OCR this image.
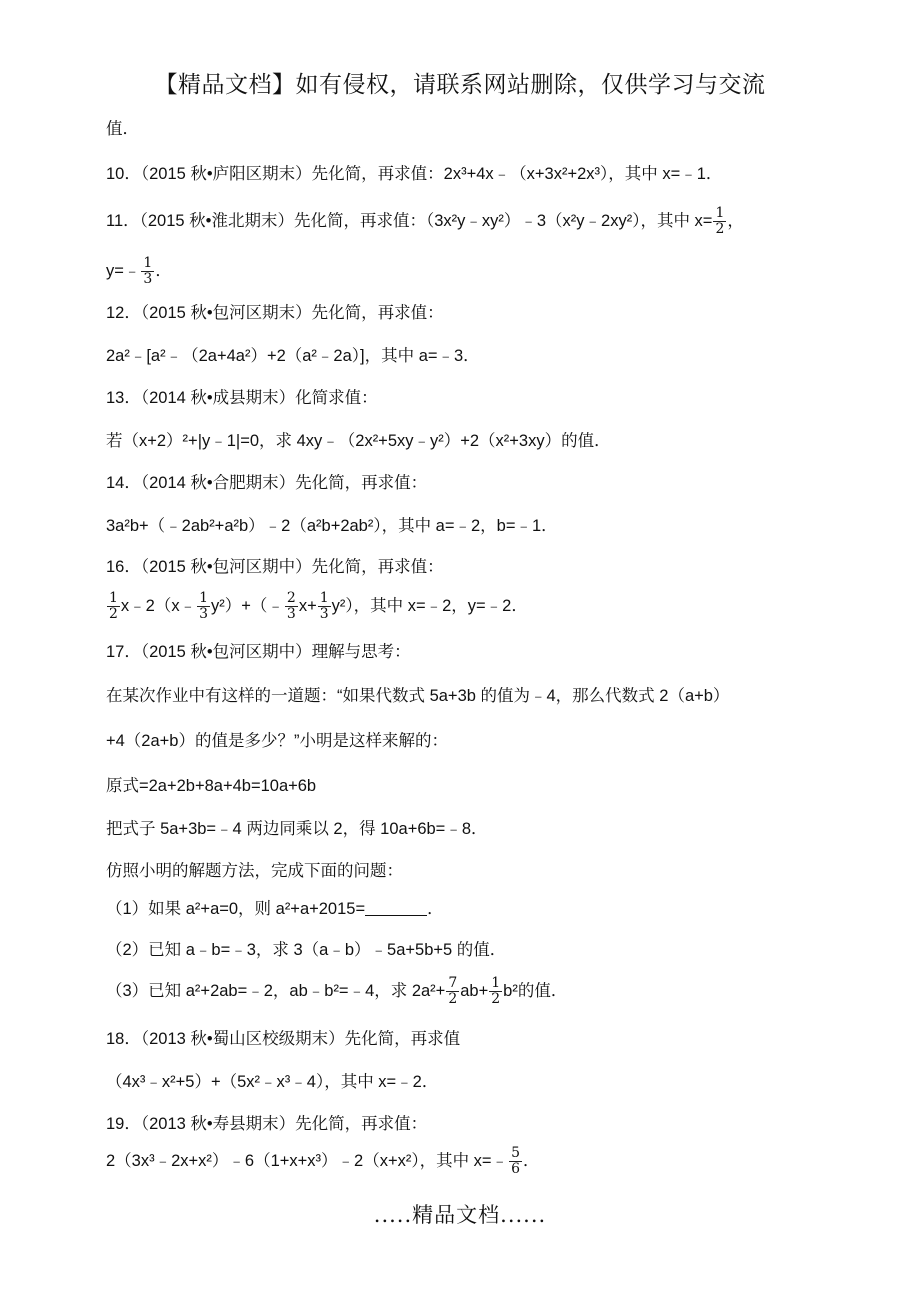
【精品文档】如有侵权，请联系网站删除，仅供学习与交流
值．
10．（2015 秋•庐阳区期末）先化简，再求值：2x³+4x﹣（x+3x²+2x³），其中 x=﹣1．
11．（2015 秋•淮北期末）先化简，再求值：（3x²y﹣xy²）﹣3（x²y﹣2xy²），其中 $x= \frac{1}{2}$ ，
y=﹣ $\frac{1}{3}$ ．
12．（2015 秋•包河区期末）先化简，再求值：
2a²﹣[a²﹣（2a+4a²）+2（a²﹣2a）]，其中 a=﹣3．
13．（2014 秋•成县期末）化简求值：
若（x+2）²+|y﹣1|=0，求 4xy﹣（2x²+5xy﹣y²）+2（x²+3xy）的值．
14．（2014 秋•合肥期末）先化简，再求值：
3a²b+（﹣2ab²+a²b）﹣2（a²b+2ab²），其中 a=﹣2，b=﹣1．
16．（2015 秋•包河区期中）先化简，再求值：
$\frac{1}{2}$ x﹣2（x﹣ $\frac{1}{3}$ y²）+（﹣ $\frac{2}{3} x+ \frac{1}{3} y^2$），其中 x=﹣2，y=﹣2．
17．（2015 秋•包河区期中）理解与思考：
在某次作业中有这样的一道题：“如果代数式 5a+3b 的值为﹣4，那么代数式 2（a+b）
+4（2a+b）的值是多少？”小明是这样来解的：
原式=2a+2b+8a+4b=10a+6b
把式子 5a+3b=﹣4 两边同乘以 2，得 10a+6b=﹣8．
仿照小明的解题方法，完成下面的问题：
（1）如果 a²+a=0，则 a²+a+2015=	．
（2）已知 a﹣b=﹣3，求 3（a﹣b）﹣5a+5b+5 的值．
（3）已知 a²+2ab=﹣2，ab﹣b²=﹣4，求 $2a^2+ \frac{7}{2} ab+ \frac{1}{2} b^2$的值．
18．（2013 秋•蜀山区校级期末）先化简，再求值
（4x³﹣x²+5）+（5x²﹣x³﹣4），其中 x=﹣2．
19．（2013 秋•寿县期末）先化简，再求值：
2（3x³﹣2x+x²）﹣6（1+x+x³）﹣2（x+x²），其中 x=﹣ $\frac{5}{6}$ ．
.....精品文档......
